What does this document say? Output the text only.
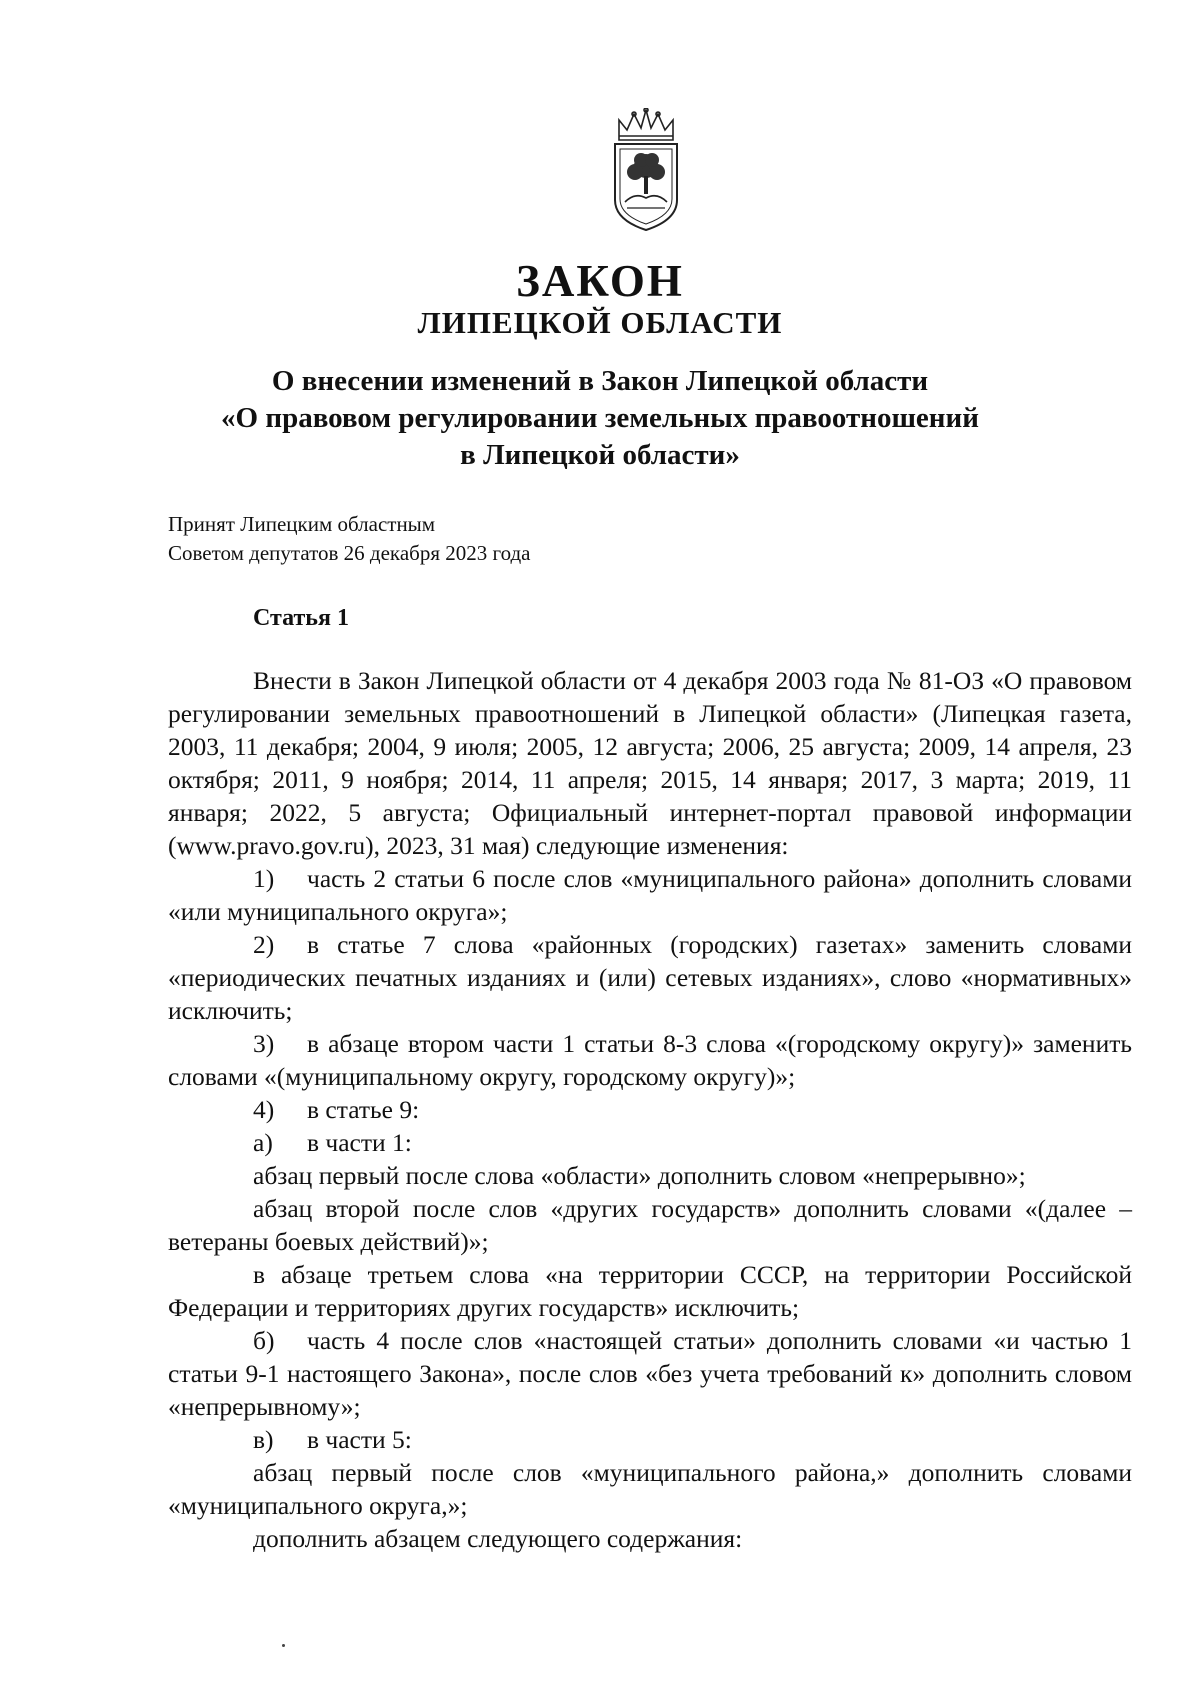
ЗАКОН
ЛИПЕЦКОЙ ОБЛАСТИ
О внесении изменений в Закон Липецкой области
«О правовом регулировании земельных правоотношений
в Липецкой области»
Принят Липецким областным
Советом депутатов 26 декабря 2023 года
Статья 1

Внести в Закон Липецкой области от 4 декабря 2003 года № 81-ОЗ «О правовом регулировании земельных правоотношений в Липецкой области» (Липецкая газета, 2003, 11 декабря; 2004, 9 июля; 2005, 12 августа; 2006, 25 августа; 2009, 14 апреля, 23 октября; 2011, 9 ноября; 2014, 11 апреля; 2015, 14 января; 2017, 3 марта; 2019, 11 января; 2022, 5 августа; Официальный интернет-портал правовой информации (www.pravo.gov.ru), 2023, 31 мая) следующие изменения:

1) часть 2 статьи 6 после слов «муниципального района» дополнить словами «или муниципального округа»;

2) в статье 7 слова «районных (городских) газетах» заменить словами «периодических печатных изданиях и (или) сетевых изданиях», слово «нормативных» исключить;

3) в абзаце втором части 1 статьи 8-3 слова «(городскому округу)» заменить словами «(муниципальному округу, городскому округу)»;

4) в статье 9:

а) в части 1:

абзац первый после слова «области» дополнить словом «непрерывно»;

абзац второй после слов «других государств» дополнить словами «(далее – ветераны боевых действий)»;

в абзаце третьем слова «на территории СССР, на территории Российской Федерации и территориях других государств» исключить;

б) часть 4 после слов «настоящей статьи» дополнить словами «и частью 1 статьи 9-1 настоящего Закона», после слов «без учета требований к» дополнить словом «непрерывному»;

в) в части 5:

абзац первый после слов «муниципального района,» дополнить словами «муниципального округа,»;

дополнить абзацем следующего содержания:
